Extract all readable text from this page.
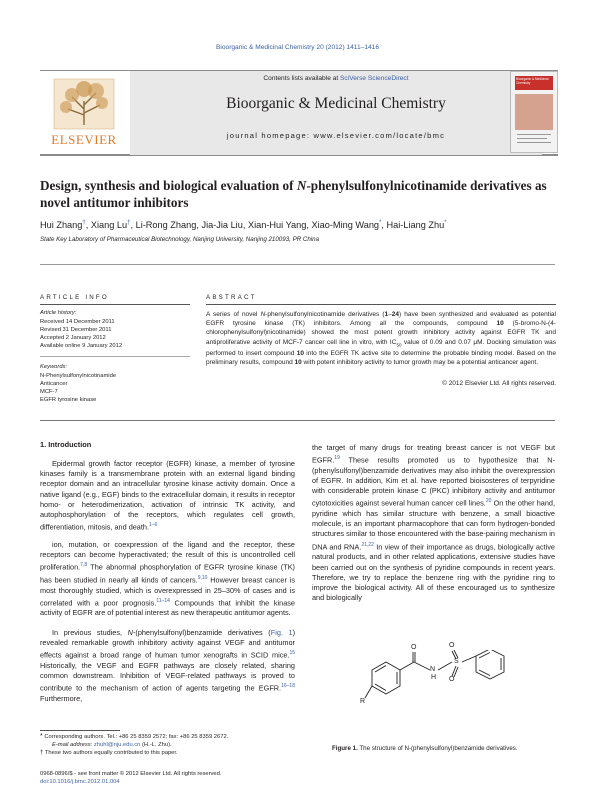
Bioorganic & Medicinal Chemistry 20 (2012) 1411–1416
ELSEVIER
Contents lists available at SciVerse ScienceDirect
Bioorganic & Medicinal Chemistry
journal homepage: www.elsevier.com/locate/bmc
Bioorganic & Medicinal Chemistry
Design, synthesis and biological evaluation of N-phenylsulfonylnicotinamide derivatives as novel antitumor inhibitors
Hui Zhang†, Xiang Lu†, Li-Rong Zhang, Jia-Jia Liu, Xian-Hui Yang, Xiao-Ming Wang*, Hai-Liang Zhu*
State Key Laboratory of Pharmaceutical Biotechnology, Nanjing University, Nanjing 210093, PR China
ARTICLE INFO
Article history:
Received 14 December 2011
Revised 31 December 2011
Accepted 2 January 2012
Available online 9 January 2012
Keywords:
N-Phenylsulfonylnicotinamide
Anticancer
MCF-7
EGFR tyrosine kinase
ABSTRACT
A series of novel N-phenylsulfonylnicotinamide derivatives (1–24) have been synthesized and evaluated as potential EGFR tyrosine kinase (TK) inhibitors. Among all the compounds, compound 10 (5-bromo-N-(4-chlorophenylsulfonyl)nicotinamide) showed the most potent growth inhibitory activity against EGFR TK and antiproliferative activity of MCF-7 cancer cell line in vitro, with $IC_{50}$ value of 0.09 and 0.07 μM. Docking simulation was performed to insert compound 10 into the EGFR TK active site to determine the probable binding model. Based on the preliminary results, compound 10 with potent inhibitory activity to tumor growth may be a potential anticancer agent.
© 2012 Elsevier Ltd. All rights reserved.
1. Introduction
Epidermal growth factor receptor (EGFR) kinase, a member of tyrosine kinases family is a transmembrane protein with an external ligand binding receptor domain and an intracellular tyrosine kinase activity domain. Once a native ligand (e.g., EGF) binds to the extracellular domain, it results in receptor homo- or heterodimerization, activation of intrinsic TK activity, and autophosphorylation of the receptors, which regulates cell growth, differentiation, mitosis, and death.$^{1-6}$
ion, mutation, or coexpression of the ligand and the receptor, these receptors can become hyperactivated; the result of this is uncontrolled cell proliferation.$^{7,8}$ The abnormal phosphorylation of EGFR tyrosine kinase (TK) has been studied in nearly all kinds of cancers.$^{9,10}$ However breast cancer is most thoroughly studied, which is overexpressed in 25–30% of cases and is correlated with a poor prognosis.$^{11-14}$ Compounds that inhibit the kinase activity of EGFR are of potential interest as new therapeutic antitumor agents.
In previous studies, N-(phenylsulfonyl)benzamide derivatives (Fig. 1) revealed remarkable growth inhibitory activity against VEGF and antitumor effects against a broad range of human tumor xenografts in SCID mice.$^{15}$ Historically, the VEGF and EGFR pathways are closely related, sharing common downstream. Inhibition of VEGF-related pathways is proved to contribute to the mechanism of action of agents targeting the EGFR.$^{16-18}$ Furthermore,
the target of many drugs for treating breast cancer is not VEGF but EGFR.$^{19}$ These results promoted us to hypothesize that N-(phenylsulfonyl)benzamide derivatives may also inhibit the overexpression of EGFR. In addition, Kim et al. have reported bioisosteres of terpyridine with considerable protein kinase C (PKC) inhibitory activity and antitumor cytotoxicities against several human cancer cell lines.$^{20}$ On the other hand, pyridine which has similar structure with benzene, a small bioactive molecule, is an important pharmacophore that can form hydrogen-bonded structures similar to those encountered with the base-pairing mechanism in DNA and RNA.$^{21,22}$ In view of their importance as drugs, biologically active natural products, and in other related applications, extensive studies have been carried out on the synthesis of pyridine compounds in recent years. Therefore, we try to replace the benzene ring with the pyridine ring to improve the biological activity. All of these encouraged us to synthesize and biologically
R
O
N
H
S
O
O
Figure 1. The structure of N-(phenylsulfonyl)benzamide derivatives.
* Corresponding authors. Tel.: +86 25 8359 2572; fax: +86 25 8359 2672.
E-mail address: zhuhl@nju.edu.cn (H.-L. Zhu).
† These two authors equally contributed to this paper.
0968-0896/$ - see front matter © 2012 Elsevier Ltd. All rights reserved.
doi:10.1016/j.bmc.2012.01.004
